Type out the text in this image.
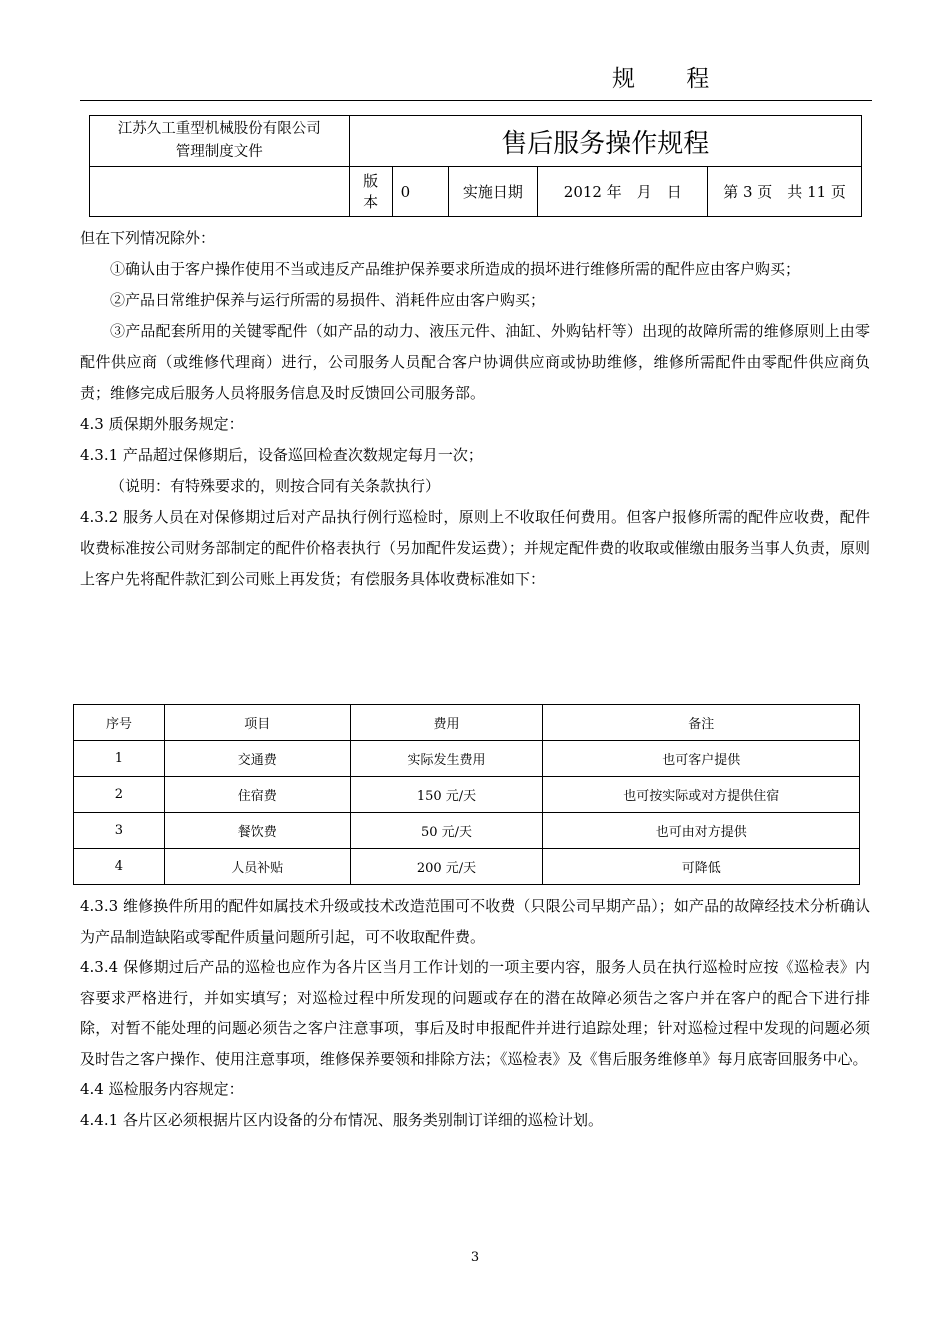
规 程
江苏久工重型机械股份有限公司
管理制度文件	售后服务操作规程				

	版
本	0	实施日期	2012 年　月　日	第 3 页　共 11 页

但在下列情况除外：

①确认由于客户操作使用不当或违反产品维护保养要求所造成的损坏进行维修所需的配件应由客户购买；

②产品日常维护保养与运行所需的易损件、消耗件应由客户购买；

③产品配套所用的关键零配件（如产品的动力、液压元件、油缸、外购钻杆等）出现的故障所需的维修原则上由零配件供应商（或维修代理商）进行，公司服务人员配合客户协调供应商或协助维修，维修所需配件由零配件供应商负责；维修完成后服务人员将服务信息及时反馈回公司服务部。

4.3 质保期外服务规定：

4.3.1 产品超过保修期后，设备巡回检查次数规定每月一次；

（说明：有特殊要求的，则按合同有关条款执行）

4.3.2 服务人员在对保修期过后对产品执行例行巡检时，原则上不收取任何费用。但客户报修所需的配件应收费，配件收费标准按公司财务部制定的配件价格表执行（另加配件发运费）；并规定配件费的收取或催缴由服务当事人负责，原则上客户先将配件款汇到公司账上再发货；有偿服务具体收费标准如下：

序号	项目	费用	备注
1	交通费	实际发生费用	也可客户提供
2	住宿费	150 元/天	也可按实际或对方提供住宿
3	餐饮费	50 元/天	也可由对方提供
4	人员补贴	200 元/天	可降低

4.3.3 维修换件所用的配件如属技术升级或技术改造范围可不收费（只限公司早期产品）；如产品的故障经技术分析确认为产品制造缺陷或零配件质量问题所引起，可不收取配件费。

4.3.4 保修期过后产品的巡检也应作为各片区当月工作计划的一项主要内容，服务人员在执行巡检时应按《巡检表》内容要求严格进行，并如实填写；对巡检过程中所发现的问题或存在的潜在故障必须告之客户并在客户的配合下进行排除，对暂不能处理的问题必须告之客户注意事项，事后及时申报配件并进行追踪处理；针对巡检过程中发现的问题必须及时告之客户操作、使用注意事项，维修保养要领和排除方法；《巡检表》及《售后服务维修单》每月底寄回服务中心。

4.4 巡检服务内容规定：

4.4.1 各片区必须根据片区内设备的分布情况、服务类别制订详细的巡检计划。

3
